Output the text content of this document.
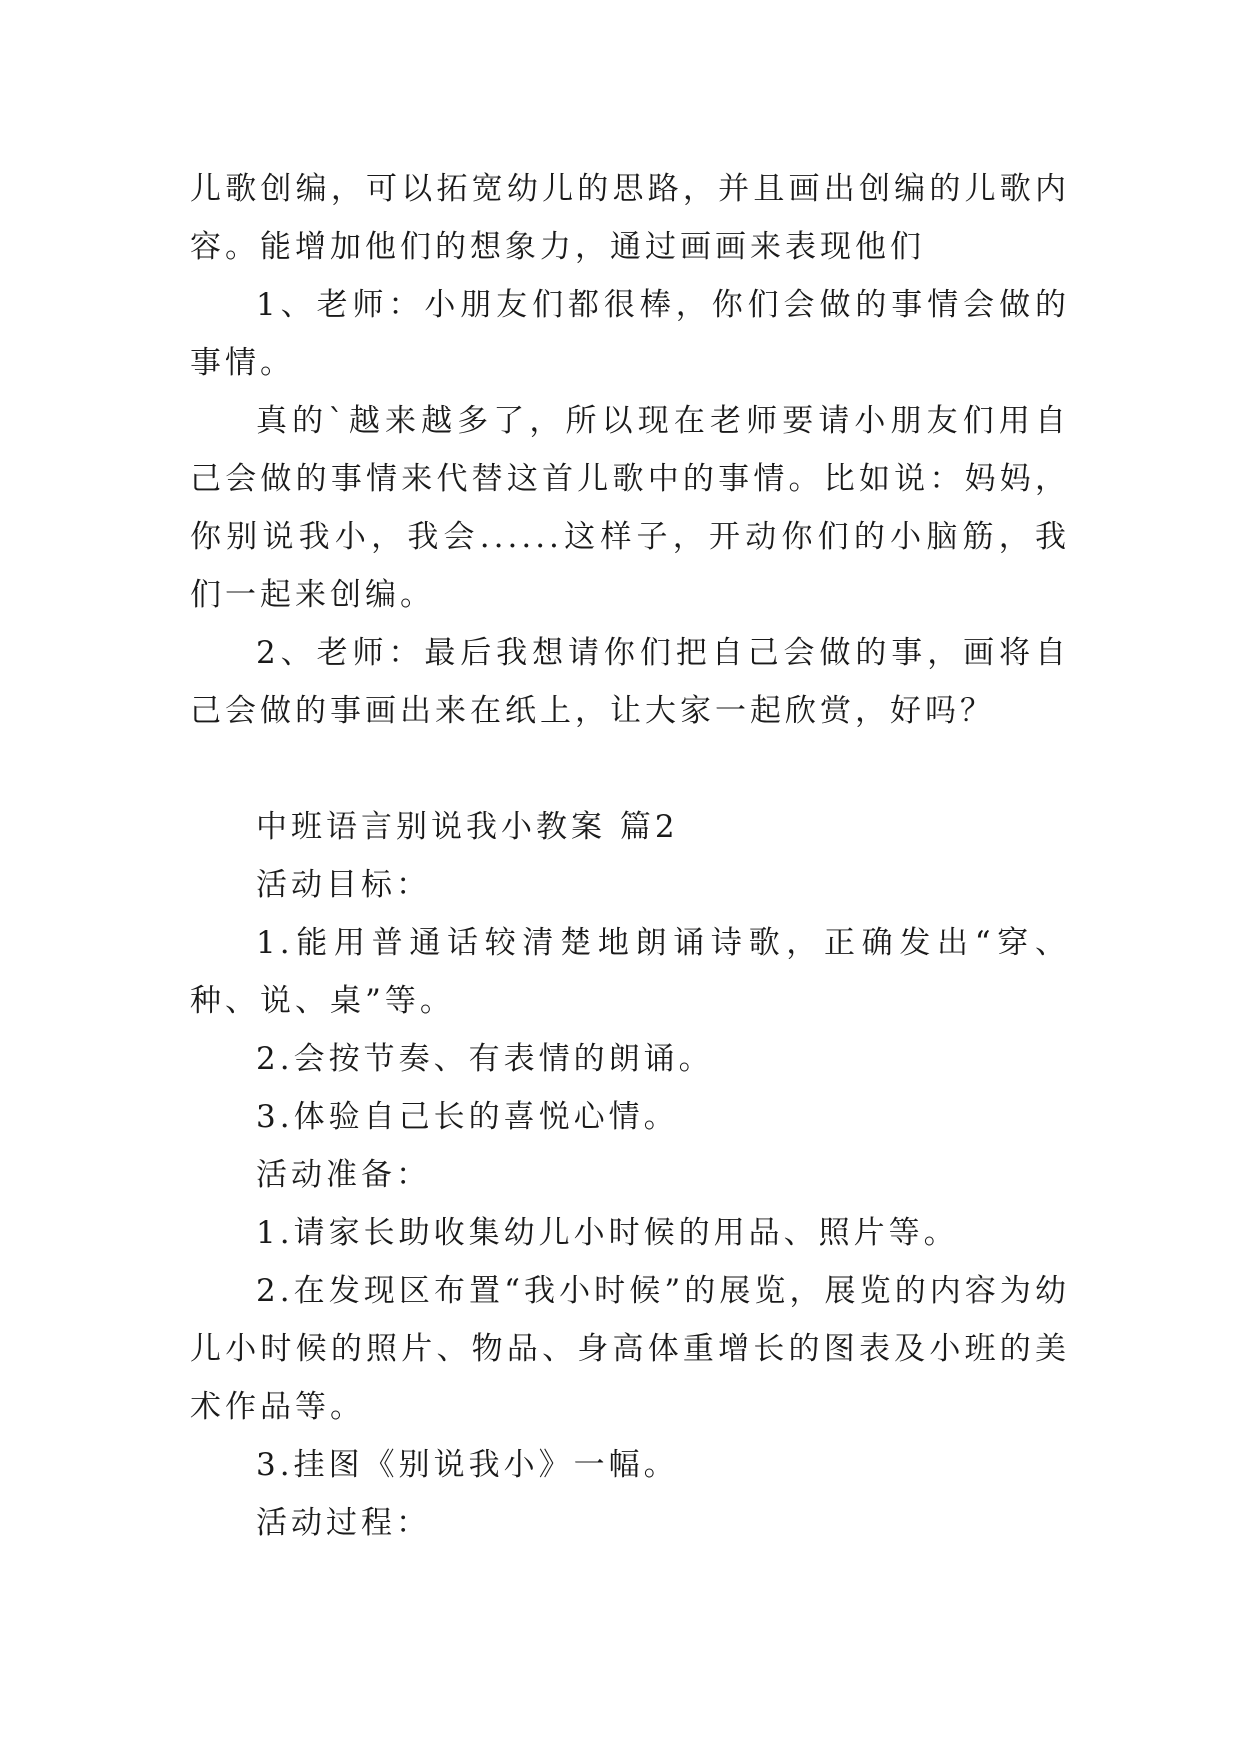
儿歌创编，可以拓宽幼儿的思路，并且画出创编的儿歌内容。能增加他们的想象力，通过画画来表现他们

1、老师：小朋友们都很棒，你们会做的事情会做的事情。

真的`越来越多了，所以现在老师要请小朋友们用自己会做的事情来代替这首儿歌中的事情。比如说：妈妈，你别说我小，我会......这样子，开动你们的小脑筋，我们一起来创编。

2、老师：最后我想请你们把自己会做的事，画将自己会做的事画出来在纸上，让大家一起欣赏，好吗？

中班语言别说我小教案 篇2

活动目标：

1.能用普通话较清楚地朗诵诗歌，正确发出“穿、种、说、桌”等。

2.会按节奏、有表情的朗诵。

3.体验自己长的喜悦心情。

活动准备：

1.请家长助收集幼儿小时候的用品、照片等。

2.在发现区布置“我小时候”的展览，展览的内容为幼儿小时候的照片、物品、身高体重增长的图表及小班的美术作品等。

3.挂图《别说我小》一幅。

活动过程：
